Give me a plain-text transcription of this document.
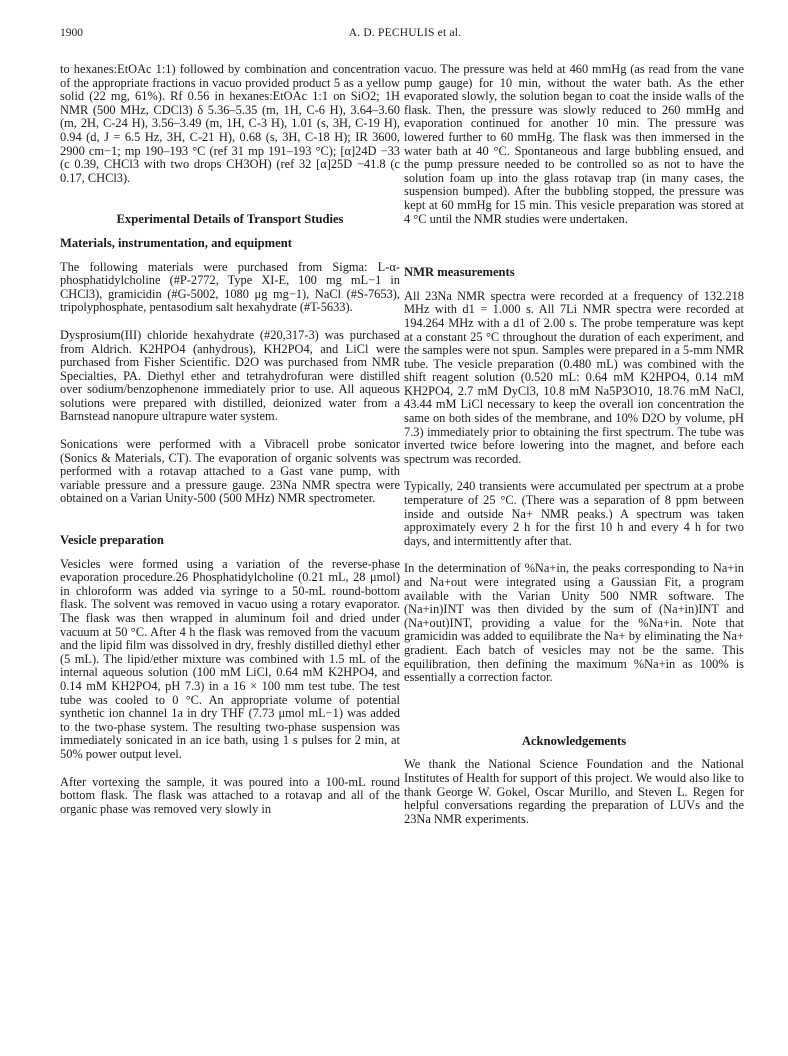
1900	A. D. PECHULIS et al.

to hexanes:EtOAc 1:1) followed by combination and concentration of the appropriate fractions in vacuo provided product 5 as a yellow solid (22 mg, 61%). Rf 0.56 in hexanes:EtOAc 1:1 on SiO2; 1H NMR (500 MHz, CDCl3) δ 5.36–5.35 (m, 1H, C-6 H), 3.64–3.60 (m, 2H, C-24 H), 3.56–3.49 (m, 1H, C-3 H), 1.01 (s, 3H, C-19 H), 0.94 (d, J = 6.5 Hz, 3H, C-21 H), 0.68 (s, 3H, C-18 H); IR 3600, 2900 cm−1; mp 190–193 °C (ref 31 mp 191–193 °C); [α]24D −33 (c 0.39, CHCl3 with two drops CH3OH) (ref 32 [α]25D −41.8 (c 0.17, CHCl3).

Experimental Details of Transport Studies
Materials, instrumentation, and equipment

The following materials were purchased from Sigma: L-α-phosphatidylcholine (#P-2772, Type XI-E, 100 mg mL−1 in CHCl3), gramicidin (#G-5002, 1080 μg mg−1), NaCl (#S-7653), tripolyphosphate, pentasodium salt hexahydrate (#T-5633).

Dysprosium(III) chloride hexahydrate (#20,317-3) was purchased from Aldrich. K2HPO4 (anhydrous), KH2PO4, and LiCl were purchased from Fisher Scientific. D2O was purchased from NMR Specialties, PA. Diethyl ether and tetrahydrofuran were distilled over sodium/benzophenone immediately prior to use. All aqueous solutions were prepared with distilled, deionized water from a Barnstead nanopure ultrapure water system.

Sonications were performed with a Vibracell probe sonicator (Sonics & Materials, CT). The evaporation of organic solvents was performed with a rotavap attached to a Gast vane pump, with variable pressure and a pressure gauge. 23Na NMR spectra were obtained on a Varian Unity-500 (500 MHz) NMR spectrometer.

Vesicle preparation

Vesicles were formed using a variation of the reverse-phase evaporation procedure.26 Phosphatidylcholine (0.21 mL, 28 μmol) in chloroform was added via syringe to a 50-mL round-bottom flask. The solvent was removed in vacuo using a rotary evaporator. The flask was then wrapped in aluminum foil and dried under vacuum at 50 °C. After 4 h the flask was removed from the vacuum and the lipid film was dissolved in dry, freshly distilled diethyl ether (5 mL). The lipid/ether mixture was combined with 1.5 mL of the internal aqueous solution (100 mM LiCl, 0.64 mM K2HPO4, and 0.14 mM KH2PO4, pH 7.3) in a 16 × 100 mm test tube. The test tube was cooled to 0 °C. An appropriate volume of potential synthetic ion channel 1a in dry THF (7.73 μmol mL−1) was added to the two-phase system. The resulting two-phase suspension was immediately sonicated in an ice bath, using 1 s pulses for 2 min, at 50% power output level.

After vortexing the sample, it was poured into a 100-mL round bottom flask. The flask was attached to a rotavap and all of the organic phase was removed very slowly in

vacuo. The pressure was held at 460 mmHg (as read from the vane pump gauge) for 10 min, without the water bath. As the ether evaporated slowly, the solution began to coat the inside walls of the flask. Then, the pressure was slowly reduced to 260 mmHg and evaporation continued for another 10 min. The pressure was lowered further to 60 mmHg. The flask was then immersed in the water bath at 40 °C. Spontaneous and large bubbling ensued, and the pump pressure needed to be controlled so as not to have the solution foam up into the glass rotavap trap (in many cases, the suspension bumped). After the bubbling stopped, the pressure was kept at 60 mmHg for 15 min. This vesicle preparation was stored at 4 °C until the NMR studies were undertaken.

NMR measurements

All 23Na NMR spectra were recorded at a frequency of 132.218 MHz with d1 = 1.000 s. All 7Li NMR spectra were recorded at 194.264 MHz with a d1 of 2.00 s. The probe temperature was kept at a constant 25 °C throughout the duration of each experiment, and the samples were not spun. Samples were prepared in a 5-mm NMR tube. The vesicle preparation (0.480 mL) was combined with the shift reagent solution (0.520 mL: 0.64 mM K2HPO4, 0.14 mM KH2PO4, 2.7 mM DyCl3, 10.8 mM Na5P3O10, 18.76 mM NaCl, 43.44 mM LiCl necessary to keep the overall ion concentration the same on both sides of the membrane, and 10% D2O by volume, pH 7.3) immediately prior to obtaining the first spectrum. The tube was inverted twice before lowering into the magnet, and before each spectrum was recorded.

Typically, 240 transients were accumulated per spectrum at a probe temperature of 25 °C. (There was a separation of 8 ppm between inside and outside Na+ NMR peaks.) A spectrum was taken approximately every 2 h for the first 10 h and every 4 h for two days, and intermittently after that.

In the determination of %Na+in, the peaks corresponding to Na+in and Na+out were integrated using a Gaussian Fit, a program available with the Varian Unity 500 NMR software. The (Na+in)INT was then divided by the sum of (Na+in)INT and (Na+out)INT, providing a value for the %Na+in. Note that gramicidin was added to equilibrate the Na+ by eliminating the Na+ gradient. Each batch of vesicles may not be the same. This equilibration, then defining the maximum %Na+in as 100% is essentially a correction factor.

Acknowledgements

We thank the National Science Foundation and the National Institutes of Health for support of this project. We would also like to thank George W. Gokel, Oscar Murillo, and Steven L. Regen for helpful conversations regarding the preparation of LUVs and the 23Na NMR experiments.
